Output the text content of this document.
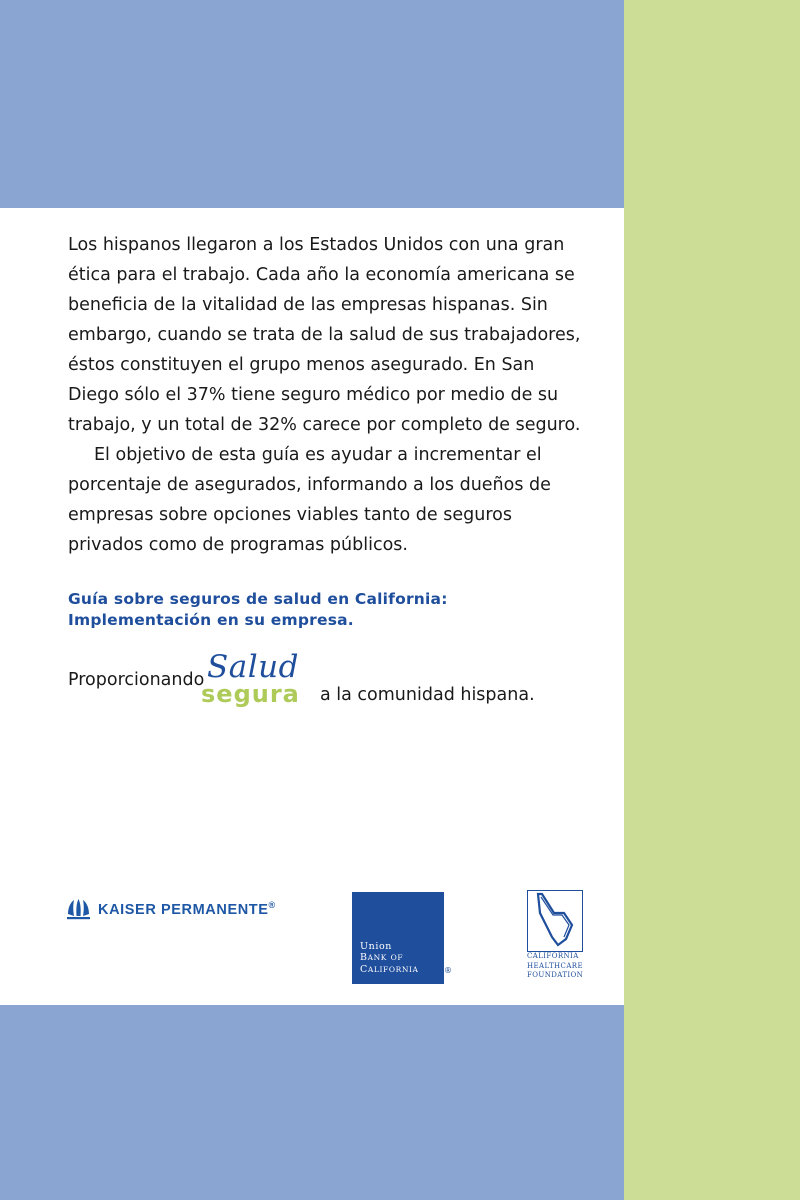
Los hispanos llegaron a los Estados Unidos con una gran ética para el trabajo. Cada año la economía americana se beneficia de la vitalidad de las empresas hispanas. Sin embargo, cuando se trata de la salud de sus trabajadores, éstos constituyen el grupo menos asegurado. En San Diego sólo el 37% tiene seguro médico por medio de su trabajo, y un total de 32% carece por completo de seguro.

El objetivo de esta guía es ayudar a incrementar el porcentaje de asegurados, informando a los dueños de empresas sobre opciones viables tanto de seguros privados como de programas públicos.

Guía sobre seguros de salud en California: Implementación en su empresa.
Proporcionando Salud
segura a la comunidad hispana.
KAISER PERMANENTE®
Union
BANK OF
CALIFORNIA	®
CALIFORNIA
HEALTHCARE
FOUNDATION
